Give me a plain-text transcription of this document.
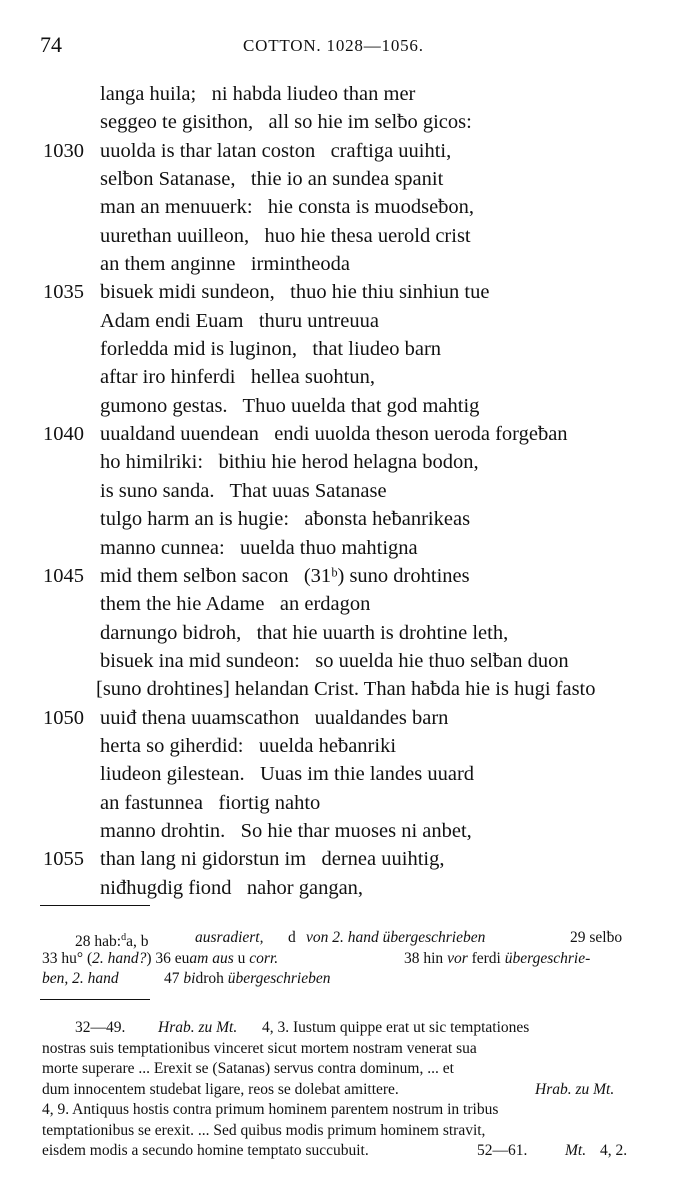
74	COTTON. 1028—1056.
langa huila;   ni habda liudeo than mer
seggeo te gisithon,   all so hie im selƀo gicos:
1030 uuolda is thar latan coston   craftiga uuihti,
selƀon Satanase,   thie io an sundea spanit
man an menuuerk:   hie consta is muodseƀon,
uurethan uuilleon,   huo hie thesa uerold crist
an them anginne   irmintheoda
1035 bisuek midi sundeon,   thuo hie thiu sinhiun tue
Adam endi Euam   thuru untreuua
forledda mid is luginon,   that liudeo barn
aftar iro hinferdi   hellea suohtun,
gumono gestas.   Thuo uuelda that god mahtig
1040 uualdand uuendean   endi uuolda theson ueroda forgeƀan
ho himilriki:   bithiu hie herod helagna bodon,
is suno sanda.   That uuas Satanase
tulgo harm an is hugie:   aƀonsta heƀanrikeas
manno cunnea:   uuelda thuo mahtigna
1045 mid them selƀon sacon   (31ᵇ) suno drohtines
them the hie Adame   an erdagon
darnungo bidroh,   that hie uuarth is drohtine leth,
bisuek ina mid sundeon:   so uuelda hie thuo selƀan duon
[suno drohtines] helandan Crist. Than haƀda hie is hugi fasto
1050 uuiđ thena uuamscathon   uualdandes barn
herta so giherdid:   uuelda heƀanriki
liudeon gilestean.   Uuas im thie landes uuard
an fastunnea   fiortig nahto
manno drohtin.   So hie thar muoses ni anbet,
1055 than lang ni gidorstun im   dernea uuihtig,
niđhugdig fiond   nahor gangan,
28 hab:$^d$a, b	ausradiert, d von 2. hand übergeschrieben	29 selƀo
33 hu° (2. hand?) 36 euam aus u corr.	38 hin vor ferdi übergeschrie-
ben, 2. hand	47 bidroh übergeschrieben
32—49. Hrab. zu Mt. 4, 3. Iustum quippe erat ut sic temptationes
nostras suis temptationibus vinceret sicut mortem nostram venerat sua
morte superare ... Erexit se (Satanas) servus contra dominum, ... et
dum innocentem studebat ligare, reos se dolebat amittere.	Hrab. zu Mt.
4, 9. Antiquus hostis contra primum hominem parentem nostrum in tribus
temptationibus se erexit. ... Sed quibus modis primum hominem stravit,
eisdem modis a secundo homine temptato succubuit.	52—61. Mt. 4, 2.
